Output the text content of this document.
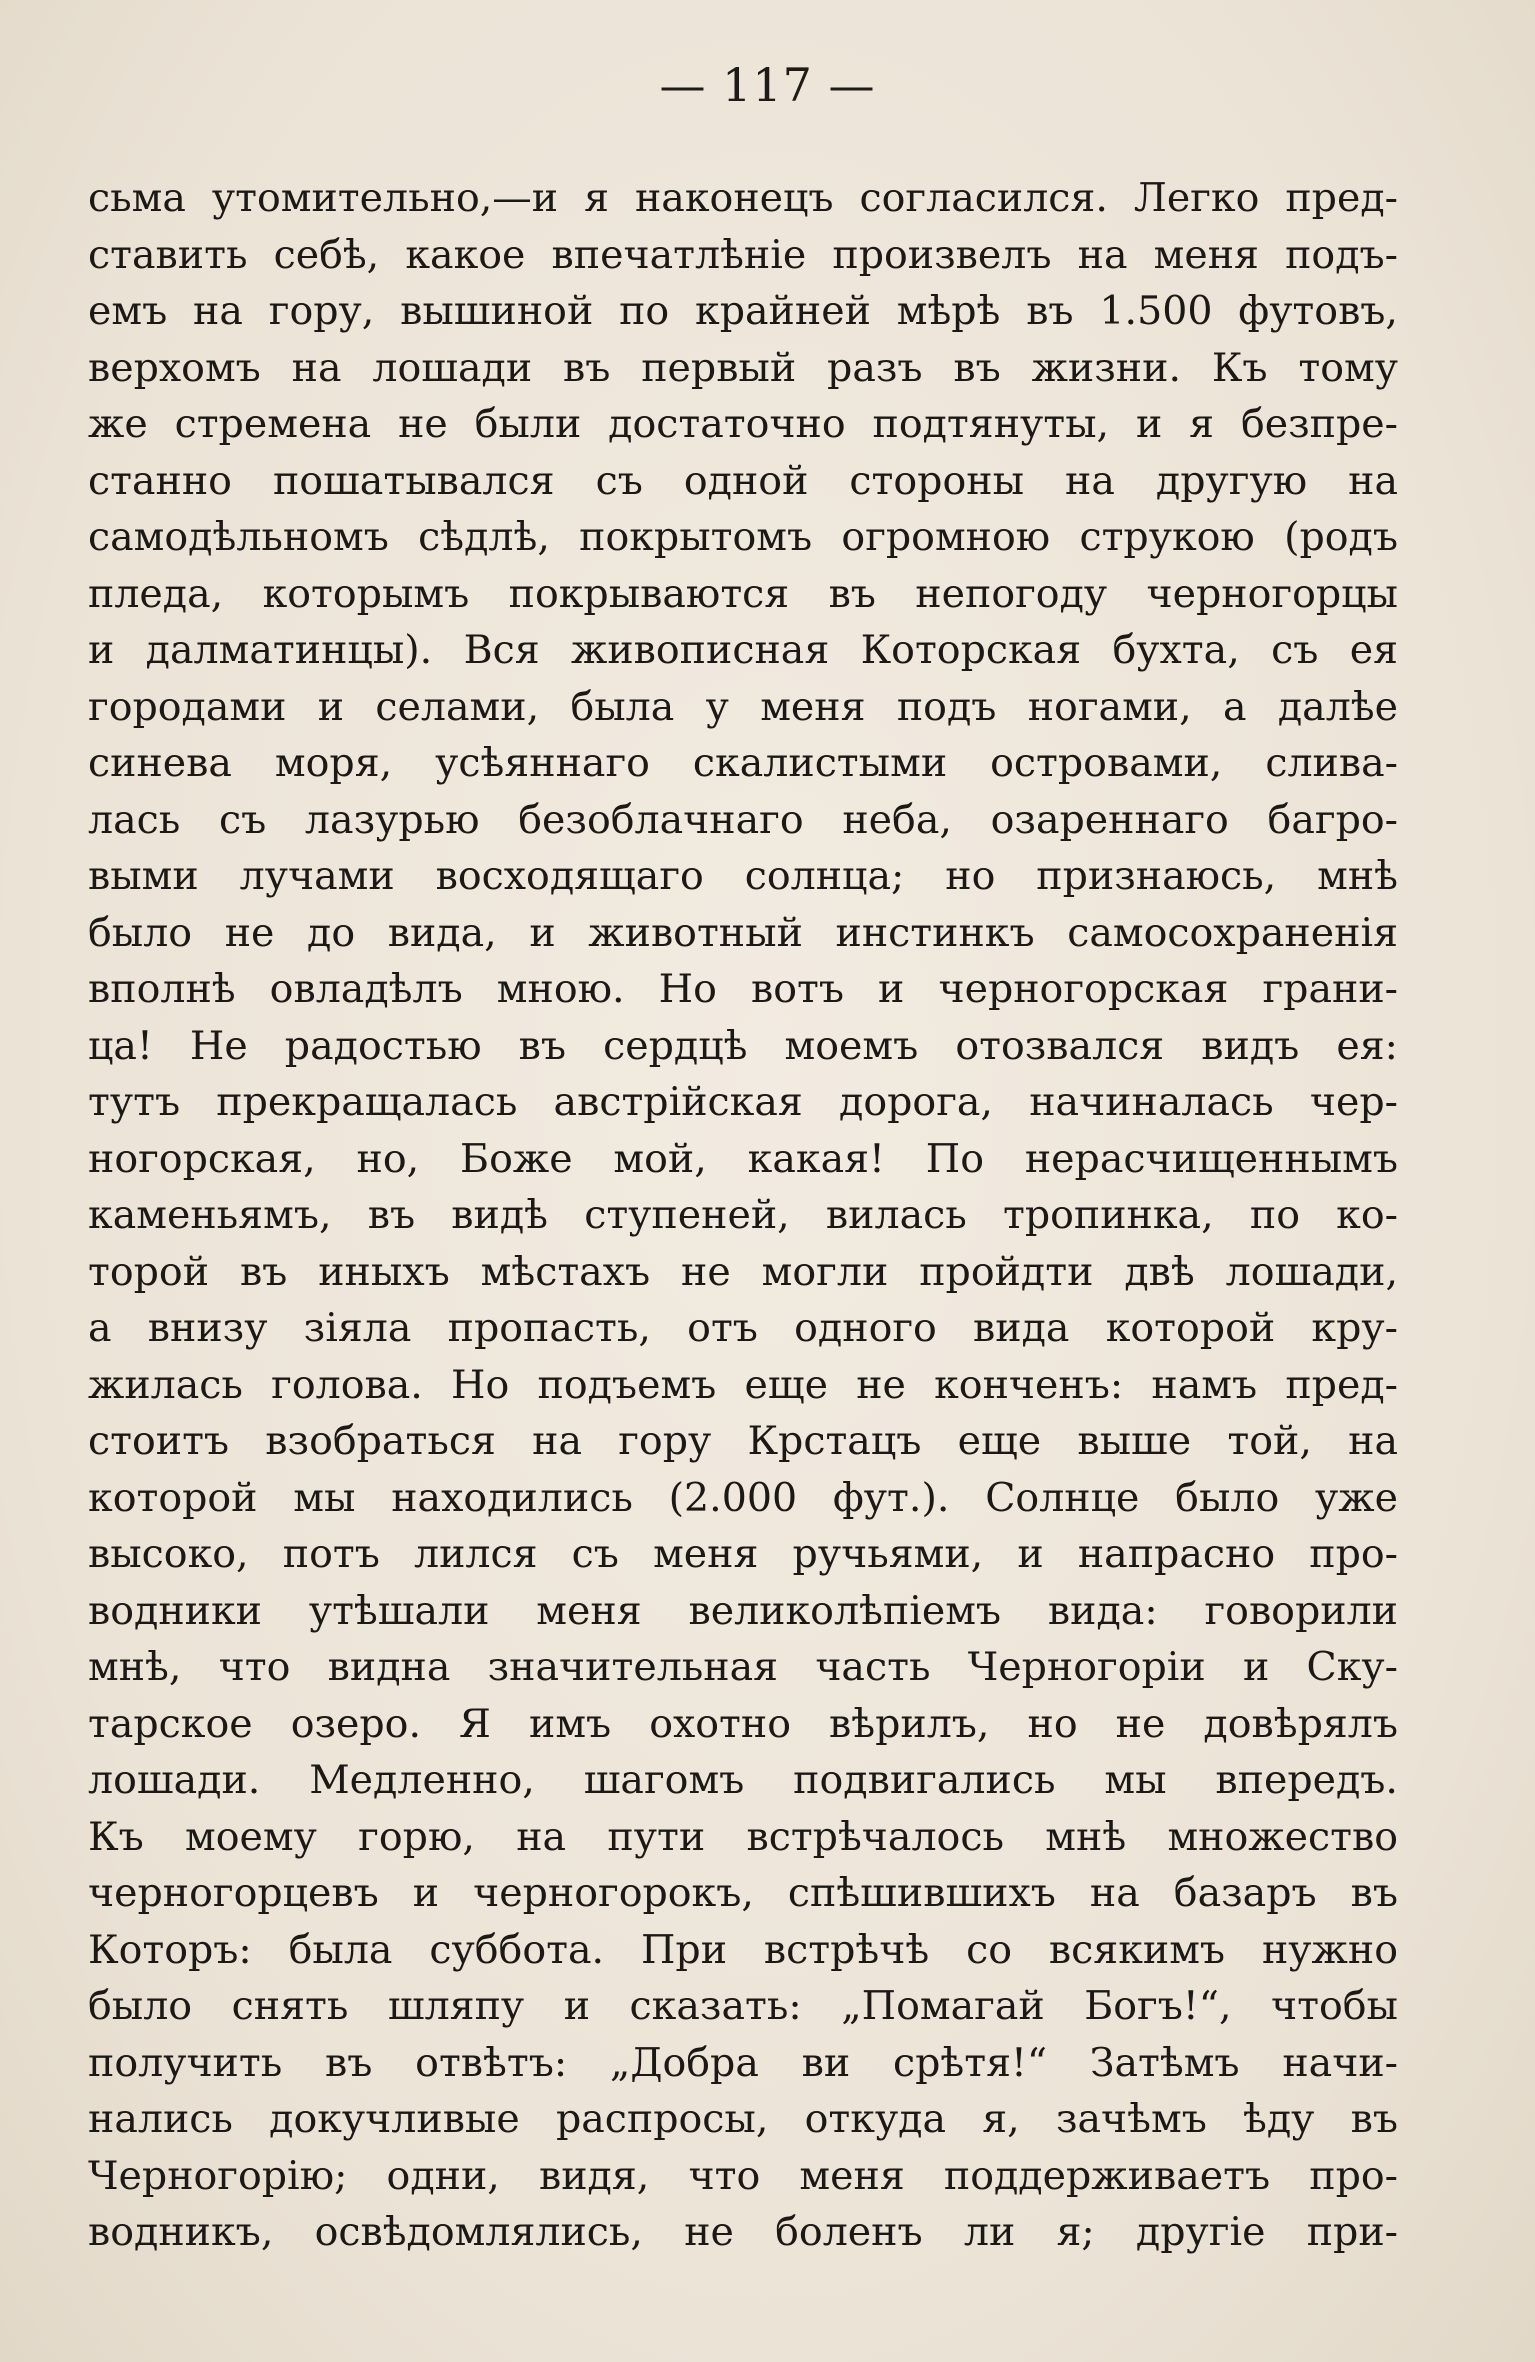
— 117 —
сьма утомительно,—и я наконецъ согласился. Легко пред-
ставить себѣ, какое впечатлѣніе произвелъ на меня подъ-
емъ на гору, вышиной по крайней мѣрѣ въ 1.500 футовъ,
верхомъ на лошади въ первый разъ въ жизни. Къ тому
же стремена не были достаточно подтянуты, и я безпре-
станно пошатывался съ одной стороны на другую на
самодѣльномъ сѣдлѣ, покрытомъ огромною струкою (родъ
пледа, которымъ покрываются въ непогоду черногорцы
и далматинцы). Вся живописная Которская бухта, съ ея
городами и селами, была у меня подъ ногами, а далѣе
синева моря, усѣяннаго скалистыми островами, слива-
лась съ лазурью безоблачнаго неба, озареннаго багро-
выми лучами восходящаго солнца; но признаюсь, мнѣ
было не до вида, и животный инстинкъ самосохраненія
вполнѣ овладѣлъ мною. Но вотъ и черногорская грани-
ца! Не радостью въ сердцѣ моемъ отозвался видъ ея:
тутъ прекращалась австрійская дорога, начиналась чер-
ногорская, но, Боже мой, какая! По нерасчищеннымъ
каменьямъ, въ видѣ ступеней, вилась тропинка, по ко-
торой въ иныхъ мѣстахъ не могли пройдти двѣ лошади,
а внизу зіяла пропасть, отъ одного вида которой кру-
жилась голова. Но подъемъ еще не конченъ: намъ пред-
стоитъ взобраться на гору Крстацъ еще выше той, на
которой мы находились (2.000 фут.). Солнце было уже
высоко, потъ лился съ меня ручьями, и напрасно про-
водники утѣшали меня великолѣпіемъ вида: говорили
мнѣ, что видна значительная часть Черногоріи и Ску-
тарское озеро. Я имъ охотно вѣрилъ, но не довѣрялъ
лошади. Медленно, шагомъ подвигались мы впередъ.
Къ моему горю, на пути встрѣчалось мнѣ множество
черногорцевъ и черногорокъ, спѣшившихъ на базаръ въ
Которъ: была суббота. При встрѣчѣ со всякимъ нужно
было снять шляпу и сказать: „Помагай Богъ!“, чтобы
получить въ отвѣтъ: „Добра ви срѣтя!“ Затѣмъ начи-
нались докучливые распросы, откуда я, зачѣмъ ѣду въ
Черногорію; одни, видя, что меня поддерживаетъ про-
водникъ, освѣдомлялись, не боленъ ли я; другіе при-
